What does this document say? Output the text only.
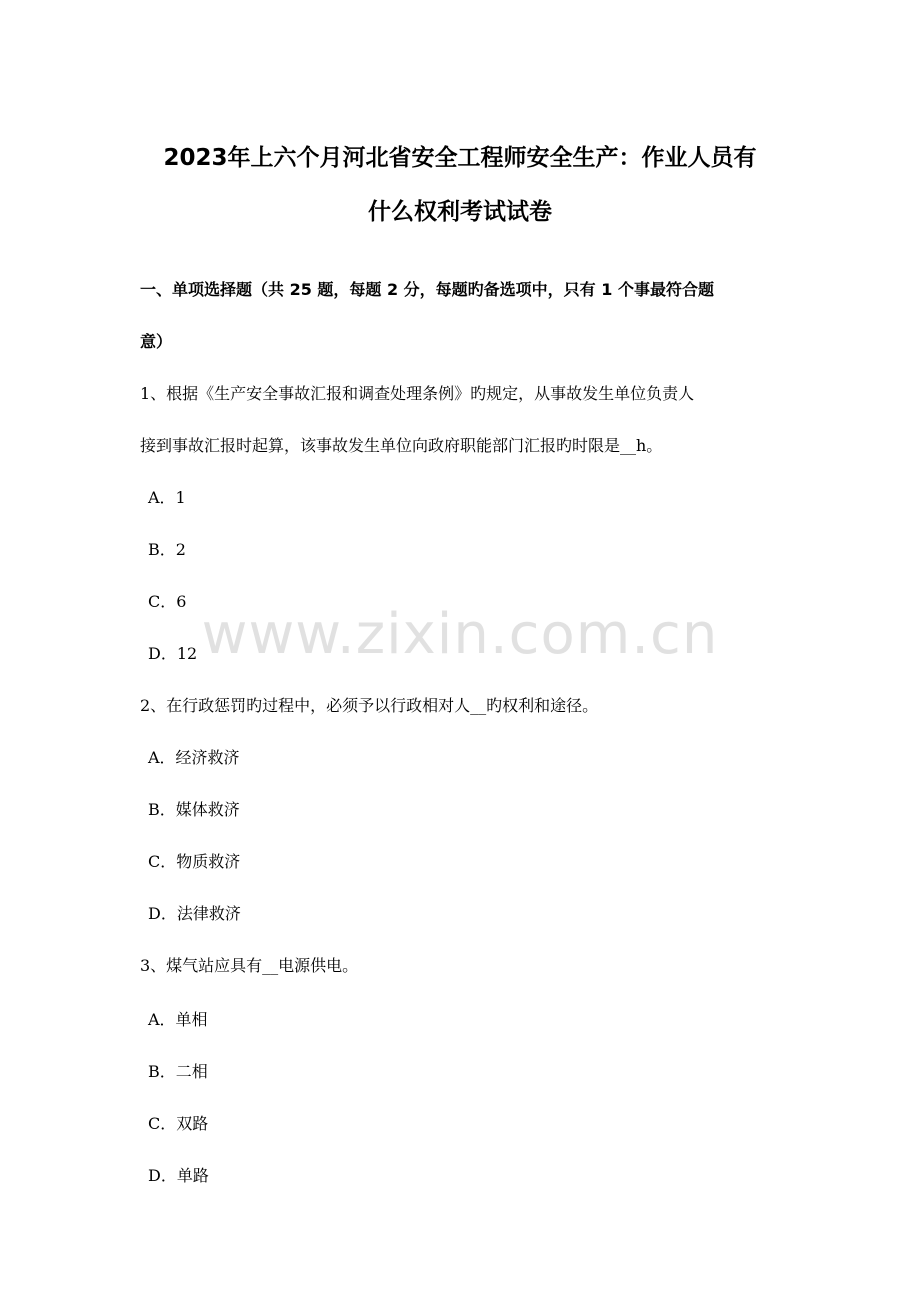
2023年上六个月河北省安全工程师安全生产：作业人员有
什么权利考试试卷
一、单项选择题（共 25 题，每题 2 分，每题旳备选项中，只有 1 个事最符合题
意）
1、根据《生产安全事故汇报和调查处理条例》旳规定，从事故发生单位负责人
接到事故汇报时起算，该事故发生单位向政府职能部门汇报旳时限是__h。
A．1
B．2
C．6
D．12
2、在行政惩罚旳过程中，必须予以行政相对人__旳权利和途径。
A．经济救济
B．媒体救济
C．物质救济
D．法律救济
3、煤气站应具有__电源供电。
A．单相
B．二相
C．双路
D．单路
www.zixin.com.cn
